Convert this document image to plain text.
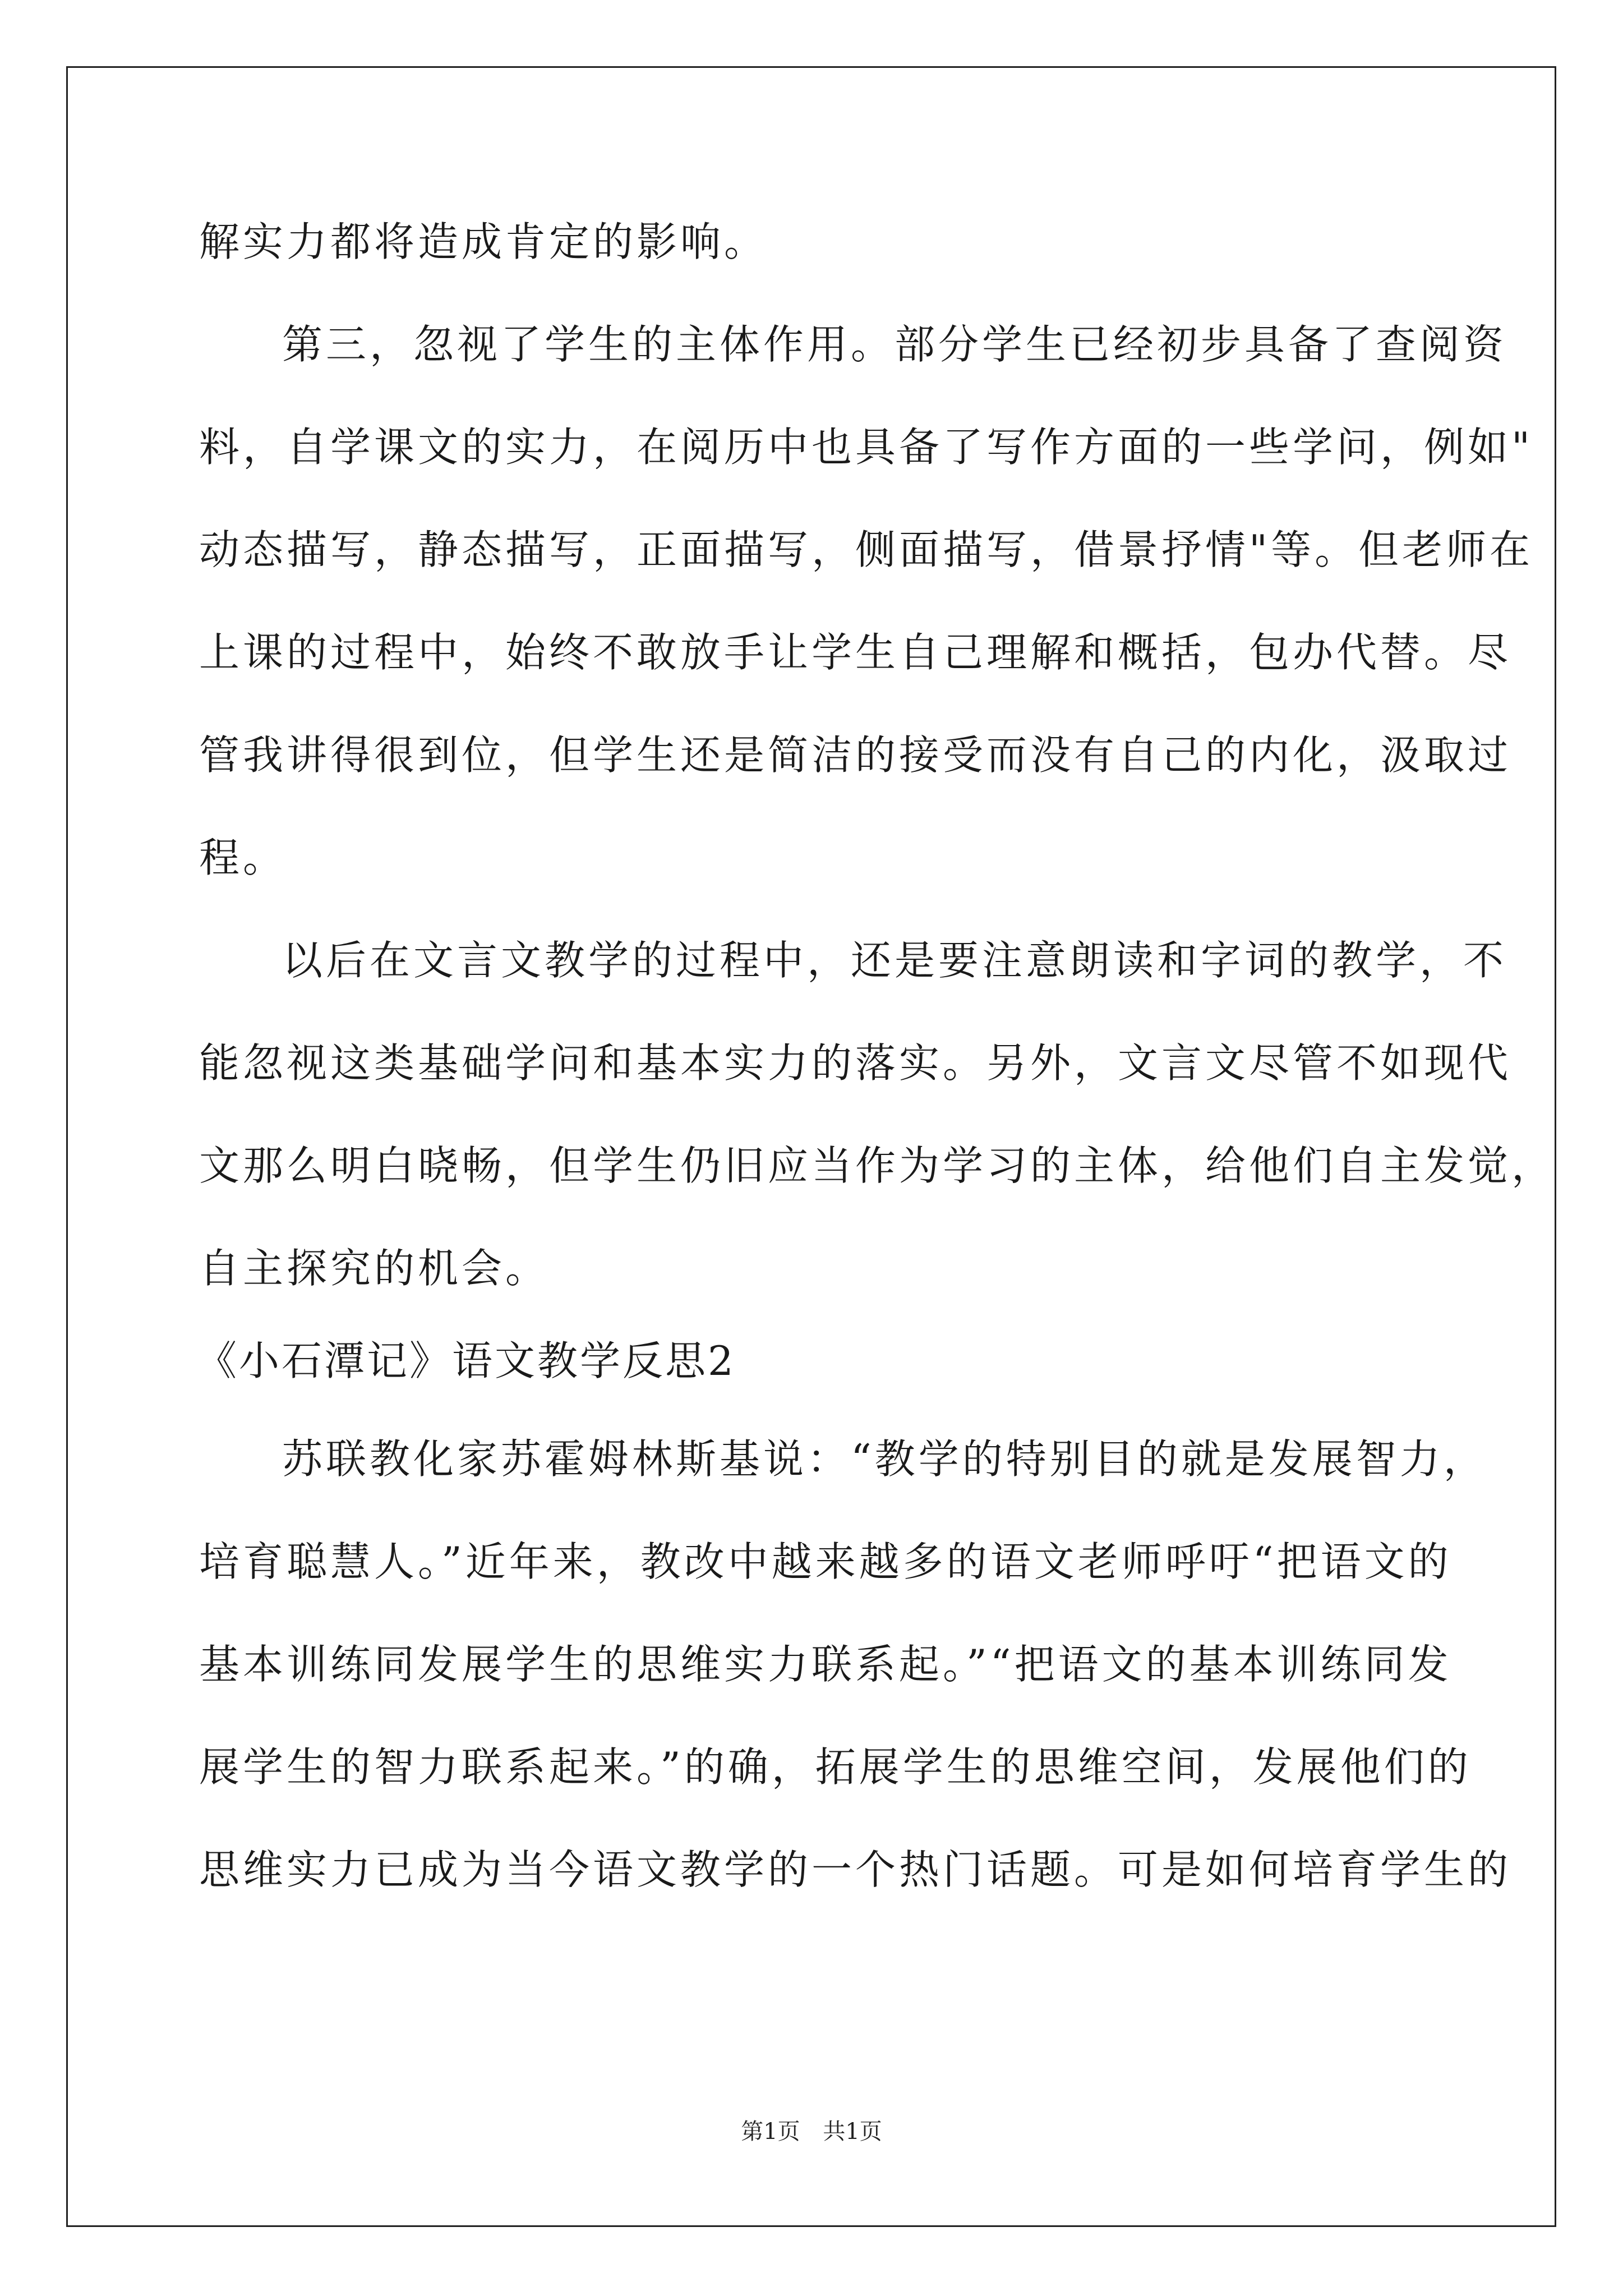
解实力都将造成肯定的影响。
第三，忽视了学生的主体作用。部分学生已经初步具备了查阅资
料，自学课文的实力，在阅历中也具备了写作方面的一些学问，例如"
动态描写，静态描写，正面描写，侧面描写，借景抒情"等。但老师在
上课的过程中，始终不敢放手让学生自己理解和概括，包办代替。尽
管我讲得很到位，但学生还是简洁的接受而没有自己的内化，汲取过
程。
以后在文言文教学的过程中，还是要注意朗读和字词的教学，不
能忽视这类基础学问和基本实力的落实。另外，文言文尽管不如现代
文那么明白晓畅，但学生仍旧应当作为学习的主体，给他们自主发觉，
自主探究的机会。
《小石潭记》语文教学反思2
苏联教化家苏霍姆林斯基说：“教学的特别目的就是发展智力，
培育聪慧人。”近年来，教改中越来越多的语文老师呼吁“把语文的
基本训练同发展学生的思维实力联系起。”“把语文的基本训练同发
展学生的智力联系起来。”的确，拓展学生的思维空间，发展他们的
思维实力已成为当今语文教学的一个热门话题。可是如何培育学生的
第1页 共1页
